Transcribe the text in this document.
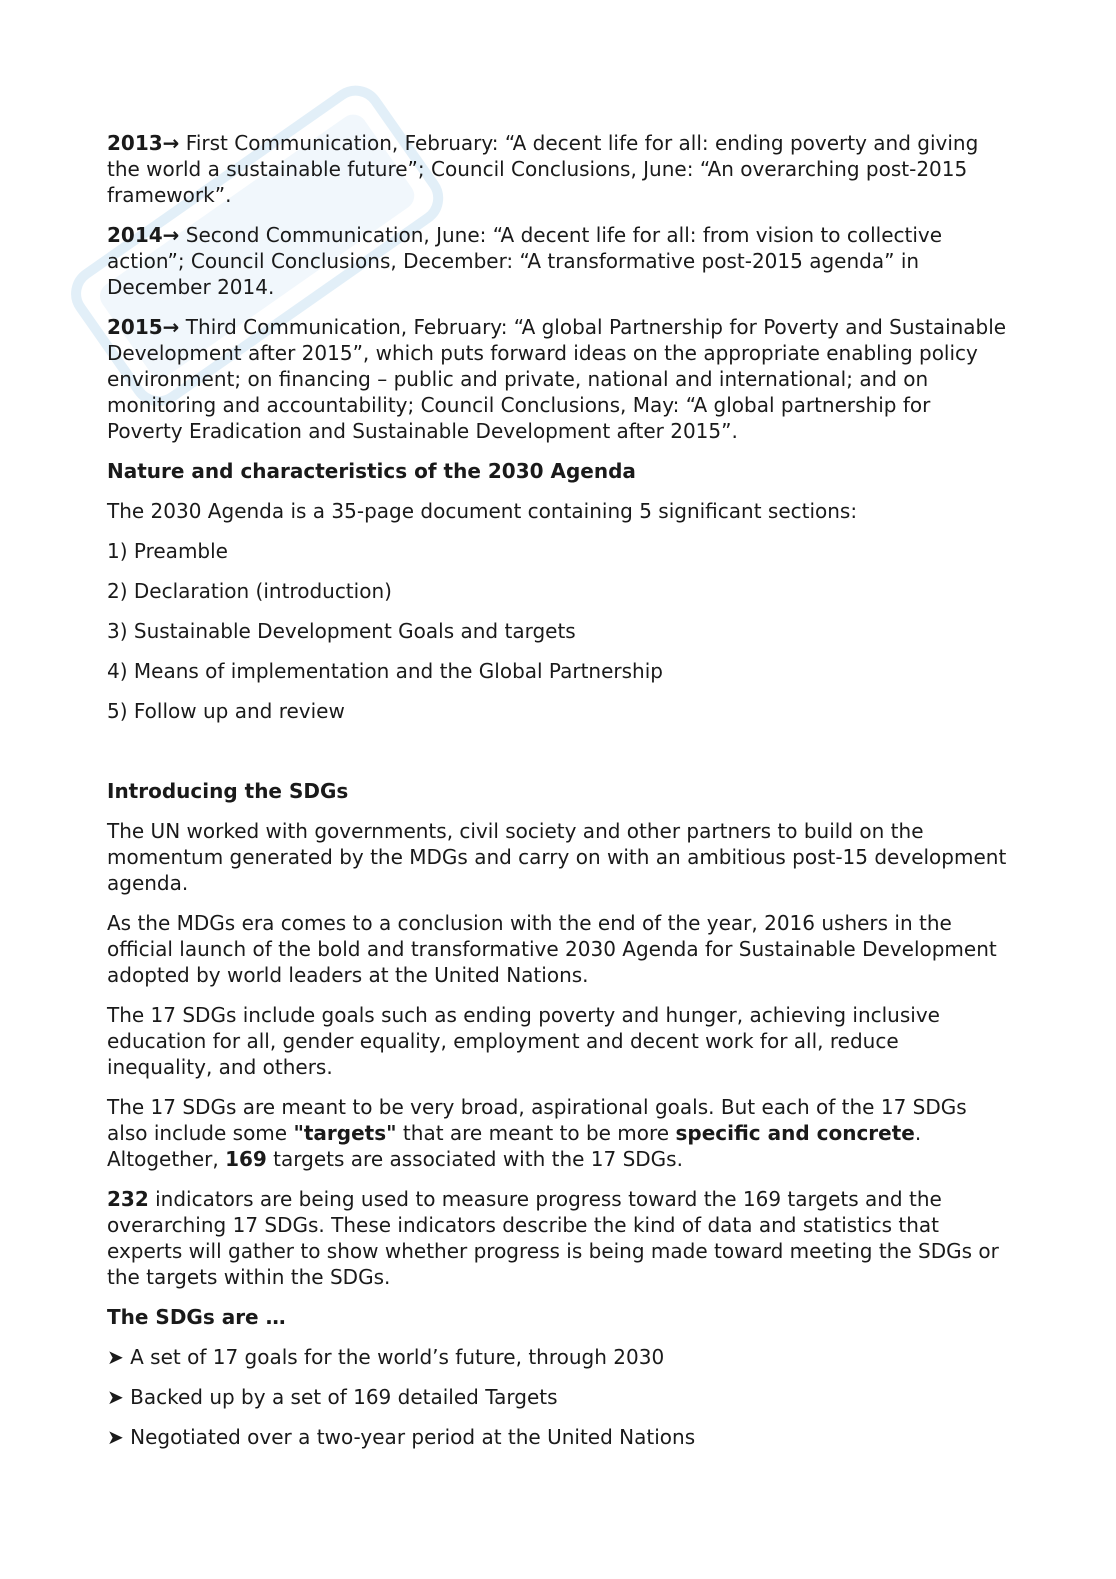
2013→ First Communication, February: “A decent life for all: ending poverty and giving the world a sustainable future”; Council Conclusions, June: “An overarching post-2015 framework”.

2014→ Second Communication, June: “A decent life for all: from vision to collective action”; Council Conclusions, December: “A transformative post-2015 agenda” in December 2014.

2015→ Third Communication, February: “A global Partnership for Poverty and Sustainable Development after 2015”, which puts forward ideas on the appropriate enabling policy environment; on financing – public and private, national and international; and on monitoring and accountability; Council Conclusions, May: “A global partnership for Poverty Eradication and Sustainable Development after 2015”.

Nature and characteristics of the 2030 Agenda

The 2030 Agenda is a 35-page document containing 5 significant sections:

1) Preamble

2) Declaration (introduction)

3) Sustainable Development Goals and targets

4) Means of implementation and the Global Partnership

5) Follow up and review

Introducing the SDGs

The UN worked with governments, civil society and other partners to build on the momentum generated by the MDGs and carry on with an ambitious post-15 development agenda.

As the MDGs era comes to a conclusion with the end of the year, 2016 ushers in the official launch of the bold and transformative 2030 Agenda for Sustainable Development adopted by world leaders at the United Nations.

The 17 SDGs include goals such as ending poverty and hunger, achieving inclusive education for all, gender equality, employment and decent work for all, reduce inequality, and others.

The 17 SDGs are meant to be very broad, aspirational goals. But each of the 17 SDGs also include some "targets" that are meant to be more specific and concrete. Altogether, 169 targets are associated with the 17 SDGs.

232 indicators are being used to measure progress toward the 169 targets and the overarching 17 SDGs. These indicators describe the kind of data and statistics that experts will gather to show whether progress is being made toward meeting the SDGs or the targets within the SDGs.

The SDGs are …

➤ A set of 17 goals for the world’s future, through 2030

➤ Backed up by a set of 169 detailed Targets

➤ Negotiated over a two-year period at the United Nations
